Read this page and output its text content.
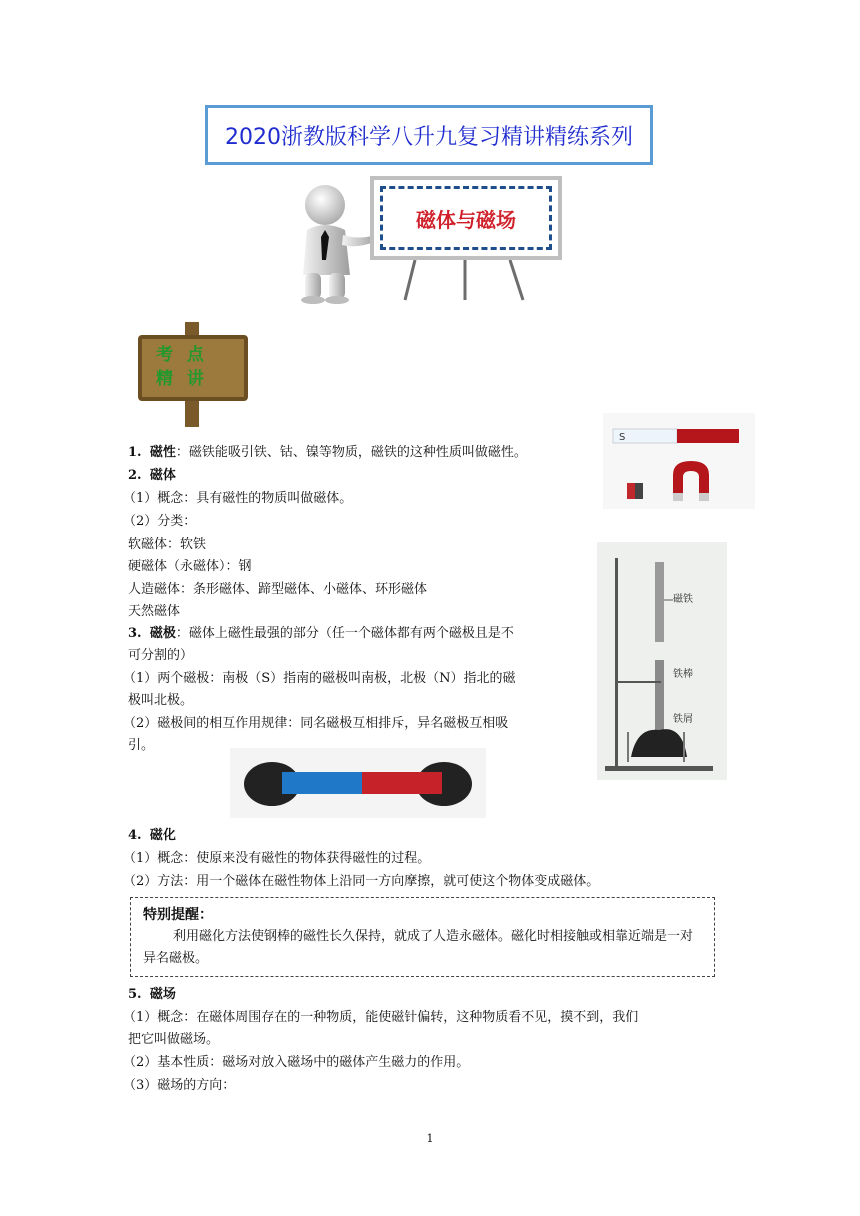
2020浙教版科学八升九复习精讲精练系列
磁体与磁场
考 点
精 讲
S
磁铁
铁棒
铁屑
1. 磁性：磁铁能吸引铁、钴、镍等物质，磁铁的这种性质叫做磁性。
2. 磁体
（1）概念：具有磁性的物质叫做磁体。
（2）分类：
软磁体：软铁
硬磁体（永磁体）：钢
人造磁体：条形磁体、蹄型磁体、小磁体、环形磁体
天然磁体
3. 磁极：磁体上磁性最强的部分（任一个磁体都有两个磁极且是不
可分割的）
（1）两个磁极：南极（S）指南的磁极叫南极，北极（N）指北的磁
极叫北极。
（2）磁极间的相互作用规律：同名磁极互相排斥，异名磁极互相吸
引。
4. 磁化
（1）概念：使原来没有磁性的物体获得磁性的过程。
（2）方法：用一个磁体在磁性物体上沿同一方向摩擦，就可使这个物体变成磁体。
特别提醒：
利用磁化方法使钢棒的磁性长久保持，就成了人造永磁体。磁化时相接触或相靠近端是一对异名磁极。
5. 磁场
（1）概念：在磁体周围存在的一种物质，能使磁针偏转，这种物质看不见，摸不到，我们
把它叫做磁场。
（2）基本性质：磁场对放入磁场中的磁体产生磁力的作用。
（3）磁场的方向：
1
